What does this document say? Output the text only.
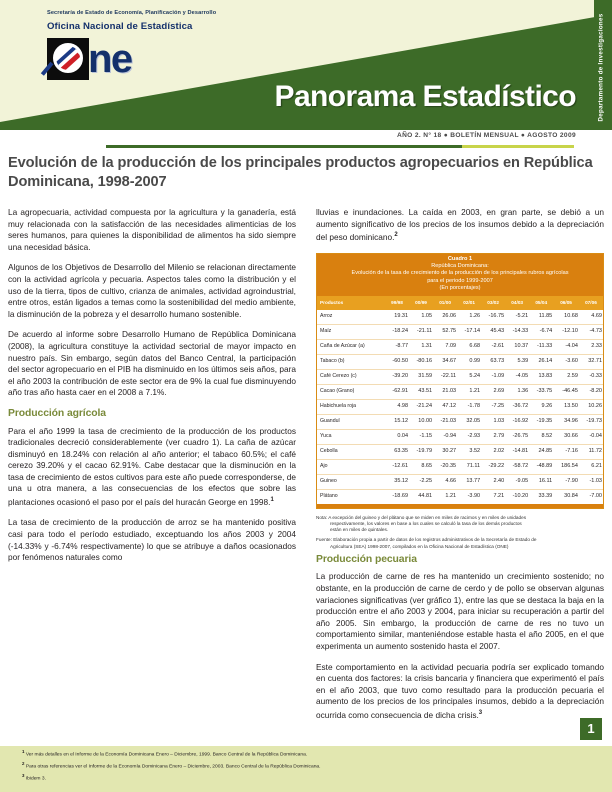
Secretaría de Estado de Economía, Planificación y Desarrollo
Oficina Nacional de Estadística
ne
Panorama Estadístico	Departamento de Investigaciones
AÑO 2. N° 18 ● BOLETÍN MENSUAL ● AGOSTO 2009
Evolución de la producción de los principales productos agropecuarios en República Dominicana, 1998-2007

La agropecuaria, actividad compuesta por la agricultura y la ganadería, está muy relacionada con la satisfacción de las necesidades alimenticias de los seres humanos, para quienes la disponibilidad de alimentos ha sido siempre una necesidad básica.

Algunos de los Objetivos de Desarrollo del Milenio se relacionan directamente con la actividad agrícola y pecuaria. Aspectos tales como la distribución y el uso de la tierra, tipos de cultivo, crianza de animales, actividad agroindustrial, entre otros, están ligados a temas como la sostenibilidad del medio ambiente, la disminución de la pobreza y el desarrollo humano sostenible.

De acuerdo al informe sobre Desarrollo Humano de República Dominicana (2008), la agricultura constituye la actividad sectorial de mayor impacto en nuestro país. Sin embargo, según datos del Banco Central, la participación del sector agropecuario en el PIB ha disminuido en los últimos seis años, para el año 2003 la contribución de este sector era de 9% la cual fue disminuyendo año tras año hasta caer en el 2008 a 7.1%.

Producción agrícola

Para el año 1999 la tasa de crecimiento de la producción de los productos tradicionales decreció considerablemente (ver cuadro 1). La caña de azúcar disminuyó en 18.24% con relación al año anterior; el tabaco 60.5%; el café cerezo 39.20% y el cacao 62.91%. Cabe destacar que la disminución en la tasa de crecimiento de estos cultivos para este año puede corresponderse, de una u otra manera, a las consecuencias de los efectos que sobre las plantaciones ocasionó el paso por el país del huracán George en 1998.$^1$

La tasa de crecimiento de la producción de arroz se ha mantenido positiva casi para todo el período estudiado, exceptuando los años 2003 y 2004 (-14.33% y -6.74% respectivamente) lo que se atribuye a daños ocasionados por fenómenos naturales como

lluvias e inundaciones. La caída en 2003, en gran parte, se debió a un aumento significativo de los precios de los insumos debido a la depreciación del peso dominicano.$^2$

Cuadro 1
República Dominicana:
Evolución de la tasa de crecimiento de la producción de los principales rubros agrícolas
para el periodo 1999-2007
(En porcentajes)
Productos	99/98	00/99	01/00	02/01	03/02	04/03	05/04	06/05	07/06
Arroz	19.31	1.05	26.06	1.26	-16.75	-5.21	11.85	10.68	4.69
Maíz	-18.24	-21.11	52.75	-17.14	45.43	-14.33	-6.74	-12.10	-4.73
Caña de Azúcar (a)	-8.77	1.31	7.09	6.68	-2.61	10.37	-11.33	-4.04	2.33
Tabaco (b)	-60.50	-80.16	34.67	0.99	63.73	5.39	26.14	-3.60	32.71
Café Cerezo (c)	-39.20	31.59	-22.11	5.24	-1.09	-4.05	13.83	2.59	-0.33
Cacao (Grano)	-62.91	43.51	21.03	1.21	2.69	1.36	-33.75	-46.45	-8.20
Habichuela roja	4.98	-21.24	47.12	-1.78	-7.25	-36.72	9.26	13.50	10.26
Guandul	15.12	10.00	-21.03	32.05	1.03	-16.92	-19.35	34.96	-19.73
Yuca	0.04	-1.15	-0.94	-2.93	2.79	-26.75	8.52	30.66	-0.04
Cebolla	63.35	-19.79	30.27	3.52	2.02	-14.81	24.85	-7.16	11.72
Ajo	-12.61	8.65	-20.35	71.11	-29.22	-58.72	-48.89	186.54	6.21
Guineo	35.12	-2.25	4.66	13.77	2.40	-9.05	16.11	-7.90	-1.03
Plátano	-18.69	44.81	1.21	-3.90	7.21	-10.20	33.39	30.84	-7.00
Nota: A excepción del guineo y del plátano que se miden en miles de racimos y en miles de unidades
respectivamente, los valores en base a los cuales se calculó la tasa de los demás productos
están en miles de quintales.
Fuente: Elaboración propia a partir de datos de los registros administrativos de la Secretaría de Estado de
Agricultura (SEA) 1998-2007, compilados en la Oficina Nacional de Estadística (ONE)
Producción pecuaria

La producción de carne de res ha mantenido un crecimiento sostenido; no obstante, en la producción de carne de cerdo y de pollo se observan algunas variaciones significativas (ver gráfico 1), entre las que se destaca la baja en la producción entre el año 2003 y 2004, para iniciar su recuperación a partir del año 2005. Sin embargo, la producción de carne de res no tuvo un comportamiento similar, manteniéndose estable hasta el año 2005, en el que experimenta un aumento sostenido hasta el 2007.

Este comportamiento en la actividad pecuaria podría ser explicado tomando en cuenta dos factores: la crisis bancaria y financiera que experimentó el país en el año 2003, que tuvo como resultado para la producción pecuaria el aumento de los precios de los principales insumos, debido a la depreciación ocurrida como consecuencia de dicha crisis.$^3$

1
$^1$ Ver más detalles en el Informe de la Economía Dominicana Enero – Diciembre, 1999. Banco Central de la República Dominicana.
$^2$ Para otras referencias ver el Informe de la Economía Dominicana Enero – Diciembre, 2003. Banco Central de la República Dominicana.
$^3$ Ibidem 3.
